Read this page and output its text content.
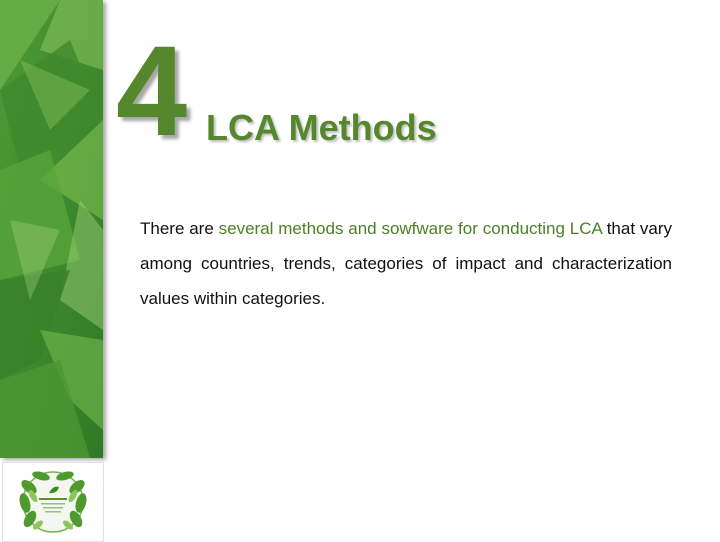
4 LCA Methods

There are several methods and sowfware for conducting LCA that vary among countries, trends, categories of impact and characterization values within categories.
